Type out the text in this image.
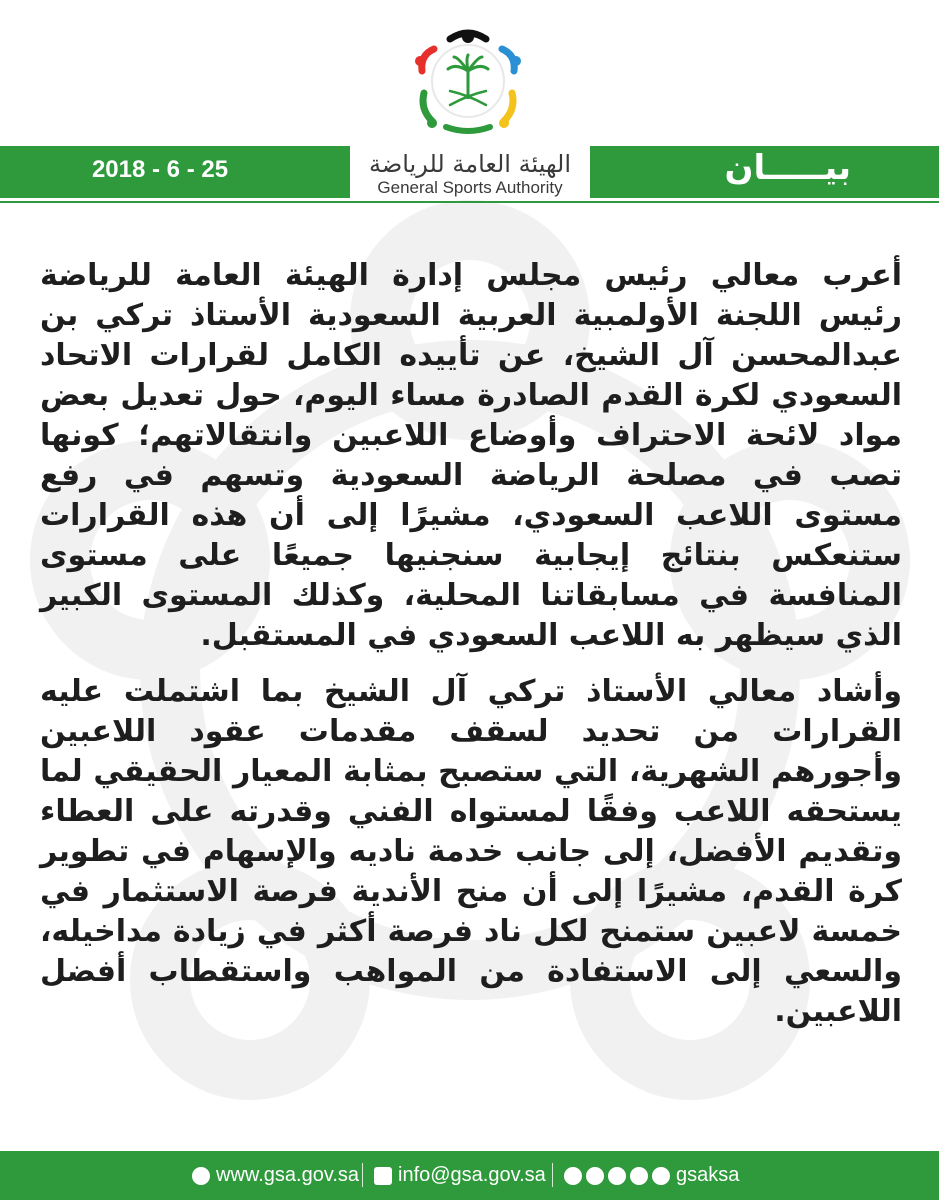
2018 - 6 - 25	بيـــــان
الهيئة العامة للرياضة
General Sports Authority

أعرب معالي رئيس مجلس إدارة الهيئة العامة للرياضة رئيس اللجنة الأولمبية العربية السعودية الأستاذ تركي بن عبدالمحسن آل الشيخ، عن تأييده الكامل لقرارات الاتحاد السعودي لكرة القدم الصادرة مساء اليوم، حول تعديل بعض مواد لائحة الاحتراف وأوضاع اللاعبين وانتقالاتهم؛ كونها تصب في مصلحة الرياضة السعودية وتسهم في رفع مستوى اللاعب السعودي، مشيرًا إلى أن هذه القرارات ستنعكس بنتائج إيجابية سنجنيها جميعًا على مستوى المنافسة في مسابقاتنا المحلية، وكذلك المستوى الكبير الذي سيظهر به اللاعب السعودي في المستقبل.

وأشاد معالي الأستاذ تركي آل الشيخ بما اشتملت عليه القرارات من تحديد لسقف مقدمات عقود اللاعبين وأجورهم الشهرية، التي ستصبح بمثابة المعيار الحقيقي لما يستحقه اللاعب وفقًا لمستواه الفني وقدرته على العطاء وتقديم الأفضل، إلى جانب خدمة ناديه والإسهام في تطوير كرة القدم، مشيرًا إلى أن منح الأندية فرصة الاستثمار في خمسة لاعبين ستمنح لكل ناد فرصة أكثر في زيادة مداخيله، والسعي إلى الاستفادة من المواهب واستقطاب أفضل اللاعبين.

www.gsa.gov.sa info@gsa.gov.sa	gsaksa
